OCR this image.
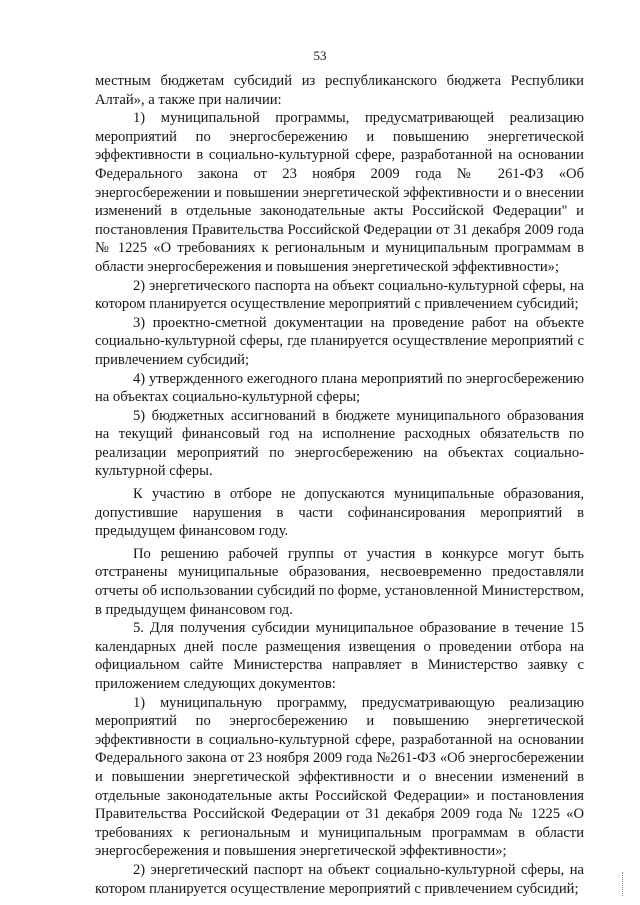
53

местным бюджетам субсидий из республиканского бюджета Республики Алтай», а также при наличии:

1) муниципальной программы, предусматривающей реализацию мероприятий по энергосбережению и повышению энергетической эффективности в социально-культурной сфере, разработанной на основании Федерального закона от 23 ноября 2009 года № 261-ФЗ «Об энергосбережении и повышении энергетической эффективности и о внесении изменений в отдельные законодательные акты Российской Федерации" и постановления Правительства Российской Федерации от 31 декабря 2009 года № 1225 «О требованиях к региональным и муниципальным программам в области энергосбережения и повышения энергетической эффективности»;

2) энергетического паспорта на объект социально-культурной сферы, на котором планируется осуществление мероприятий с привлечением субсидий;

3) проектно-сметной документации на проведение работ на объекте социально-культурной сферы, где планируется осуществление мероприятий с привлечением субсидий;

4) утвержденного ежегодного плана мероприятий по энергосбережению на объектах социально-культурной сферы;

5) бюджетных ассигнований в бюджете муниципального образования на текущий финансовый год на исполнение расходных обязательств по реализации мероприятий по энергосбережению на объектах социально-культурной сферы.

К участию в отборе не допускаются муниципальные образования, допустившие нарушения в части софинансирования мероприятий в предыдущем финансовом году.

По решению рабочей группы от участия в конкурсе могут быть отстранены муниципальные образования, несвоевременно предоставляли отчеты об использовании субсидий по форме, установленной Министерством, в предыдущем финансовом год.

5. Для получения субсидии муниципальное образование в течение 15 календарных дней после размещения извещения о проведении отбора на официальном сайте Министерства направляет в Министерство заявку с приложением следующих документов:

1) муниципальную программу, предусматривающую реализацию мероприятий по энергосбережению и повышению энергетической эффективности в социально-культурной сфере, разработанной на основании Федерального закона от 23 ноября 2009 года №261-ФЗ «Об энергосбережении и повышении энергетической эффективности и о внесении изменений в отдельные законодательные акты Российской Федерации» и постановления Правительства Российской Федерации от 31 декабря 2009 года № 1225 «О требованиях к региональным и муниципальным программам в области энергосбережения и повышения энергетической эффективности»;

2) энергетический паспорт на объект социально-культурной сферы, на котором планируется осуществление мероприятий с привлечением субсидий;
